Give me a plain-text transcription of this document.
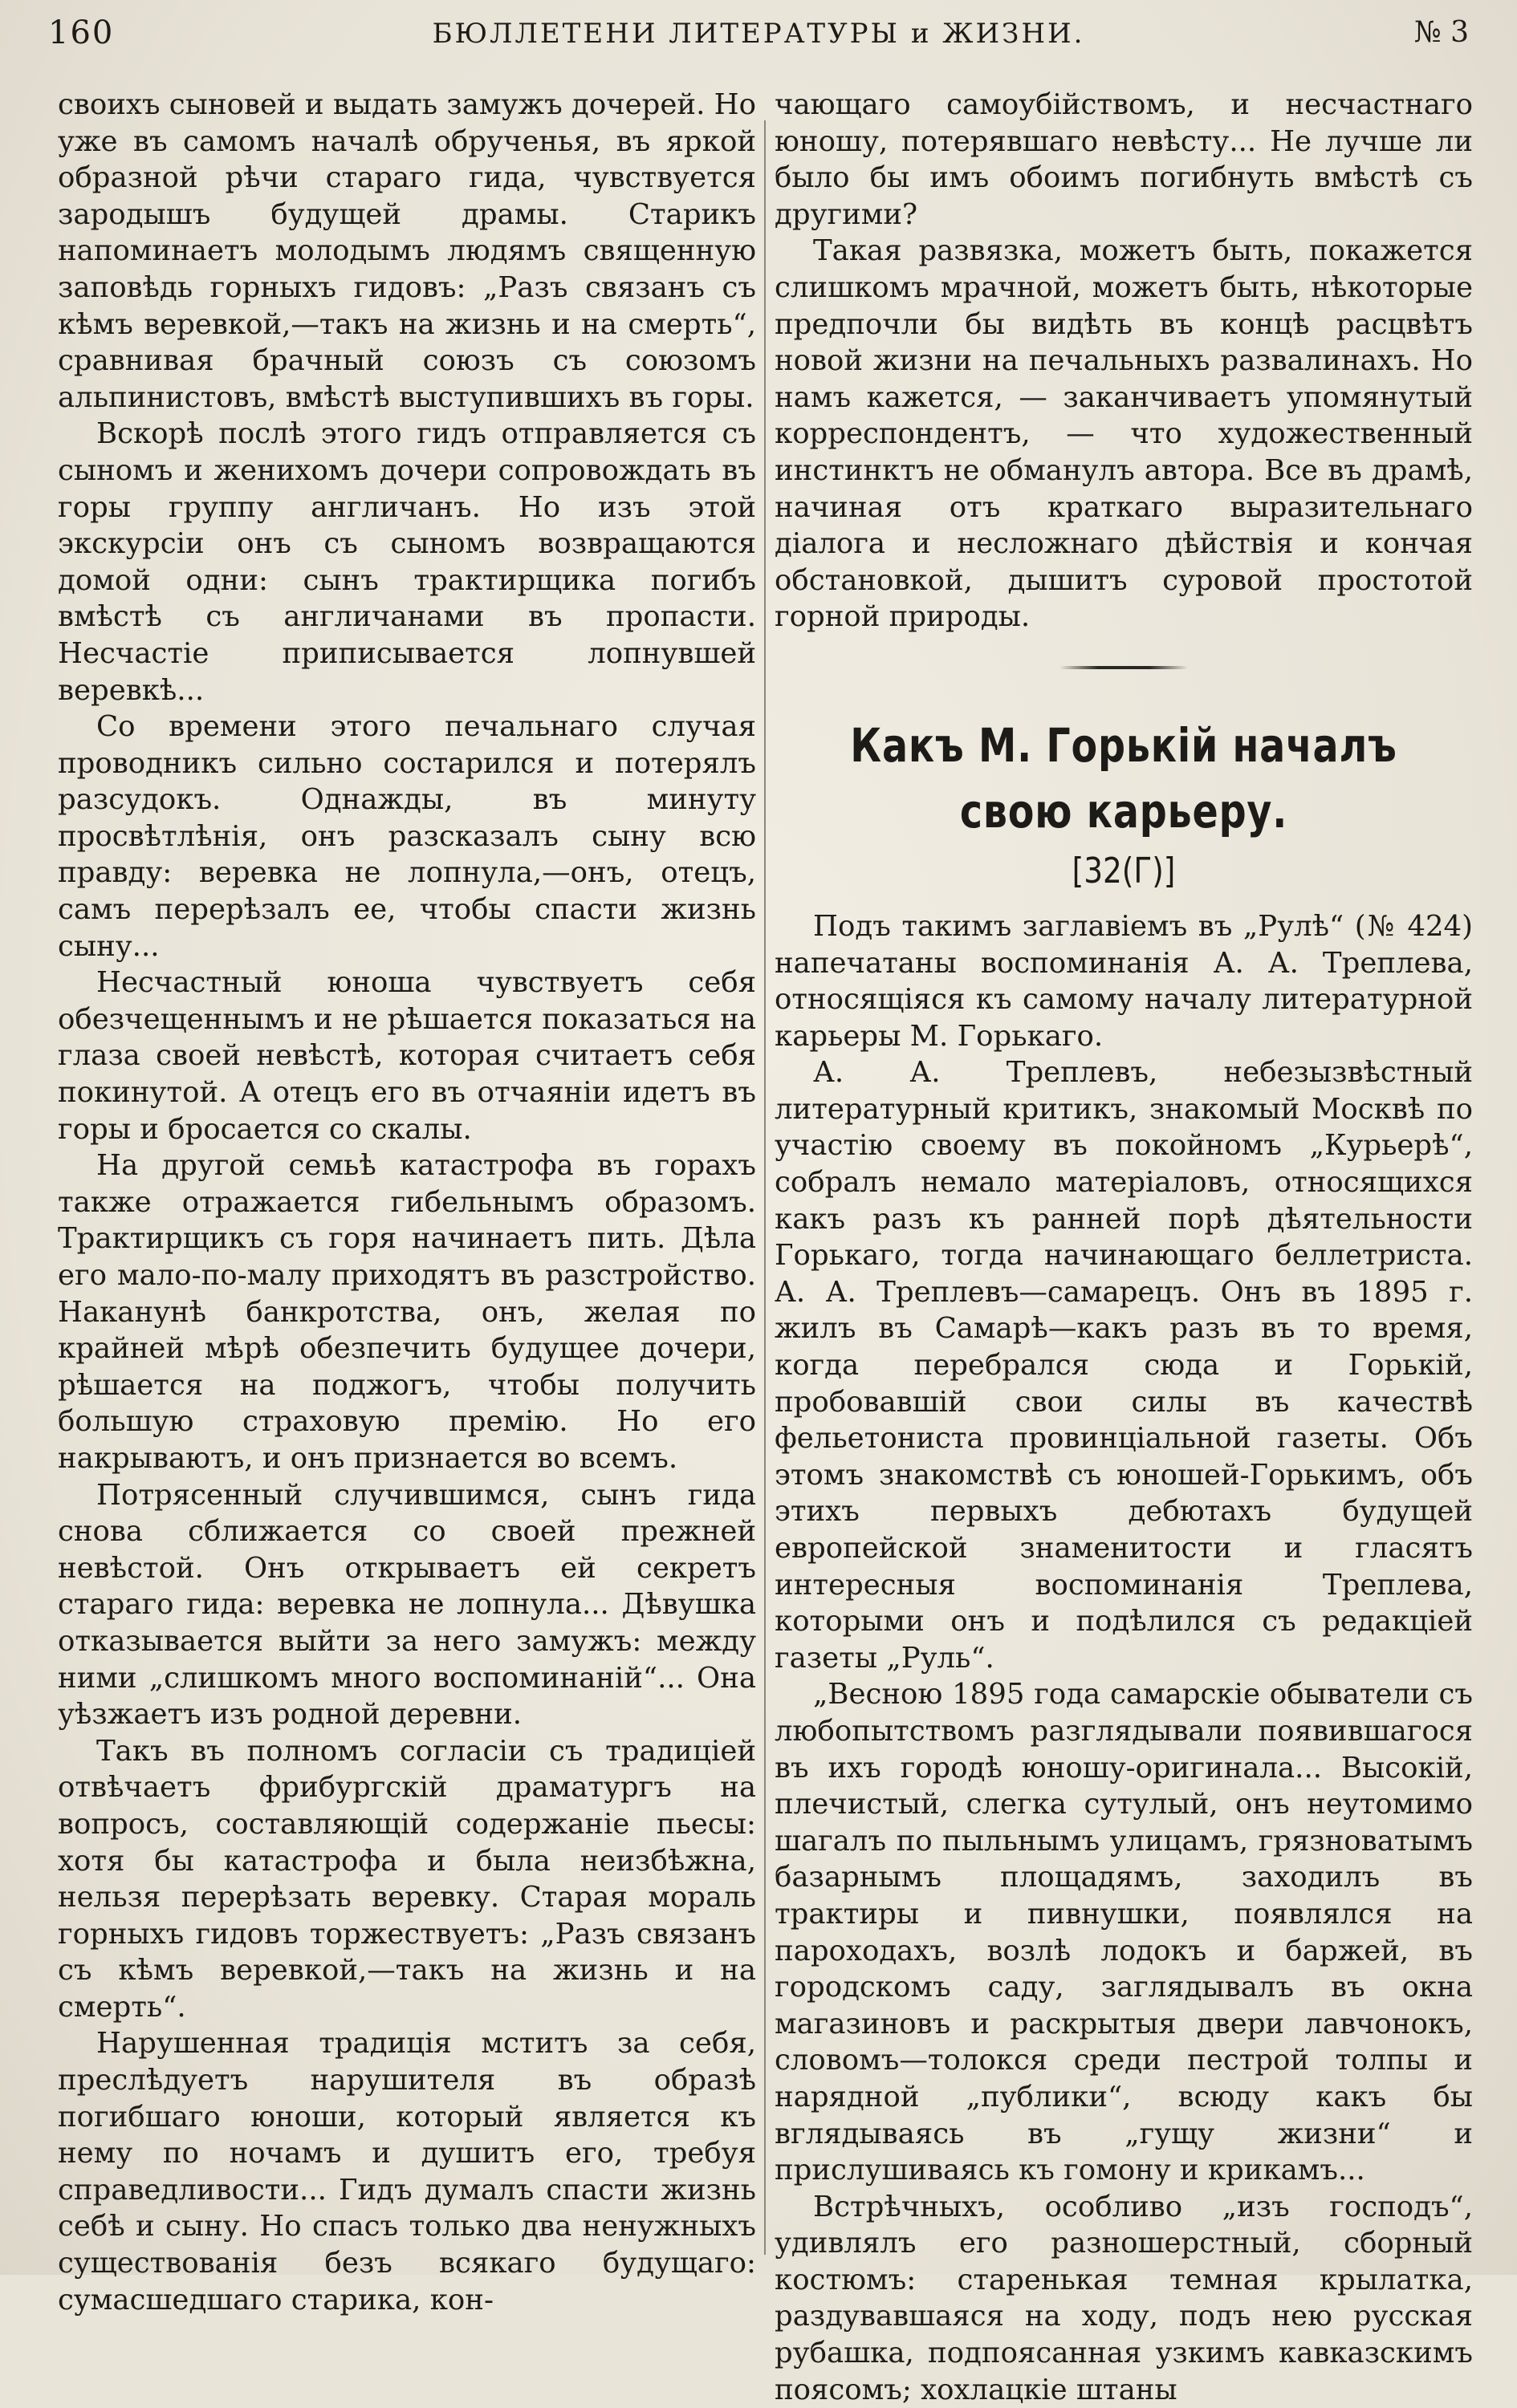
160	БЮЛЛЕТЕНИ ЛИТЕРАТУРЫ и ЖИЗНИ.	№ 3

своихъ сыновей и выдать замужъ дочерей. Но уже въ самомъ началѣ обрученья, въ яркой образной рѣчи стараго гида, чувствуется зародышъ будущей драмы. Старикъ напоминаетъ молодымъ людямъ священную заповѣдь горныхъ гидовъ: „Разъ связанъ съ кѣмъ веревкой,—такъ на жизнь и на смерть“, сравнивая брачный союзъ съ союзомъ альпинистовъ, вмѣстѣ выступившихъ въ горы.

Вскорѣ послѣ этого гидъ отправляется съ сыномъ и женихомъ дочери сопровождать въ горы группу англичанъ. Но изъ этой экскурсіи онъ съ сыномъ возвращаются домой одни: сынъ трактирщика погибъ вмѣстѣ съ англичанами въ пропасти. Несчастіе приписывается лопнувшей веревкѣ...

Со времени этого печальнаго случая проводникъ сильно состарился и потерялъ разсудокъ. Однажды, въ минуту просвѣтлѣнія, онъ разсказалъ сыну всю правду: веревка не лопнула,—онъ, отецъ, самъ перерѣзалъ ее, чтобы спасти жизнь сыну...

Несчастный юноша чувствуетъ себя обезчещеннымъ и не рѣшается показаться на глаза своей невѣстѣ, которая считаетъ себя покинутой. А отецъ его въ отчаяніи идетъ въ горы и бросается со скалы.

На другой семьѣ катастрофа въ горахъ также отражается гибельнымъ образомъ. Трактирщикъ съ горя начинаетъ пить. Дѣла его мало-по-малу приходятъ въ разстройство. Наканунѣ банкротства, онъ, желая по крайней мѣрѣ обезпечить будущее дочери, рѣшается на поджогъ, чтобы получить большую страховую премію. Но его накрываютъ, и онъ признается во всемъ.

Потрясенный случившимся, сынъ гида снова сближается со своей прежней невѣстой. Онъ открываетъ ей секретъ стараго гида: веревка не лопнула... Дѣвушка отказывается выйти за него замужъ: между ними „слишкомъ много воспоминаній“... Она уѣзжаетъ изъ родной деревни.

Такъ въ полномъ согласіи съ традиціей отвѣчаетъ фрибургскій драматургъ на вопросъ, составляющій содержаніе пьесы: хотя бы катастрофа и была неизбѣжна, нельзя перерѣзать веревку. Старая мораль горныхъ гидовъ торжествуетъ: „Разъ связанъ съ кѣмъ веревкой,—такъ на жизнь и на смерть“.

Нарушенная традиція мститъ за себя, преслѣдуетъ нарушителя въ образѣ погибшаго юноши, который является къ нему по ночамъ и душитъ его, требуя справедливости... Гидъ думалъ спасти жизнь себѣ и сыну. Но спасъ только два ненужныхъ существованія безъ всякаго будущаго: сумасшедшаго старика, кон-

чающаго самоубійствомъ, и несчастнаго юношу, потерявшаго невѣсту... Не лучше ли было бы имъ обоимъ погибнуть вмѣстѣ съ другими?

Такая развязка, можетъ быть, покажется слишкомъ мрачной, можетъ быть, нѣкоторые предпочли бы видѣть въ концѣ расцвѣтъ новой жизни на печальныхъ развалинахъ. Но намъ кажется, — заканчиваетъ упомянутый корреспондентъ, — что художественный инстинктъ не обманулъ автора. Все въ драмѣ, начиная отъ краткаго выразительнаго діалога и несложнаго дѣйствія и кончая обстановкой, дышитъ суровой простотой горной природы.

Какъ М. Горькій началъ свою карьеру.
[32(Г)]

Подъ такимъ заглавіемъ въ „Рулѣ“ (№ 424) напечатаны воспоминанія А. А. Треплева, относящіяся къ самому началу литературной карьеры М. Горькаго.

А. А. Треплевъ, небезызвѣстный литературный критикъ, знакомый Москвѣ по участію своему въ покойномъ „Курьерѣ“, собралъ немало матеріаловъ, относящихся какъ разъ къ ранней порѣ дѣятельности Горькаго, тогда начинающаго беллетриста. А. А. Треплевъ—самарецъ. Онъ въ 1895 г. жилъ въ Самарѣ—какъ разъ въ то время, когда перебрался сюда и Горькій, пробовавшій свои силы въ качествѣ фельетониста провинціальной газеты. Объ этомъ знакомствѣ съ юношей-Горькимъ, объ этихъ первыхъ дебютахъ будущей европейской знаменитости и гласятъ интересныя воспоминанія Треплева, которыми онъ и подѣлился съ редакціей газеты „Руль“.

„Весною 1895 года самарскіе обыватели съ любопытствомъ разглядывали появившагося въ ихъ городѣ юношу-оригинала... Высокій, плечистый, слегка сутулый, онъ неутомимо шагалъ по пыльнымъ улицамъ, грязноватымъ базарнымъ площадямъ, заходилъ въ трактиры и пивнушки, появлялся на пароходахъ, возлѣ лодокъ и баржей, въ городскомъ саду, заглядывалъ въ окна магазиновъ и раскрытыя двери лавчонокъ, словомъ—толокся среди пестрой толпы и нарядной „публики“, всюду какъ бы вглядываясь въ „гущу жизни“ и прислушиваясь къ гомону и крикамъ...

Встрѣчныхъ, особливо „изъ господъ“, удивлялъ его разношерстный, сборный костюмъ: старенькая темная крылатка, раздувавшаяся на ходу, подъ нею русская рубашка, подпоясанная узкимъ кавказскимъ поясомъ; хохлацкіе штаны
